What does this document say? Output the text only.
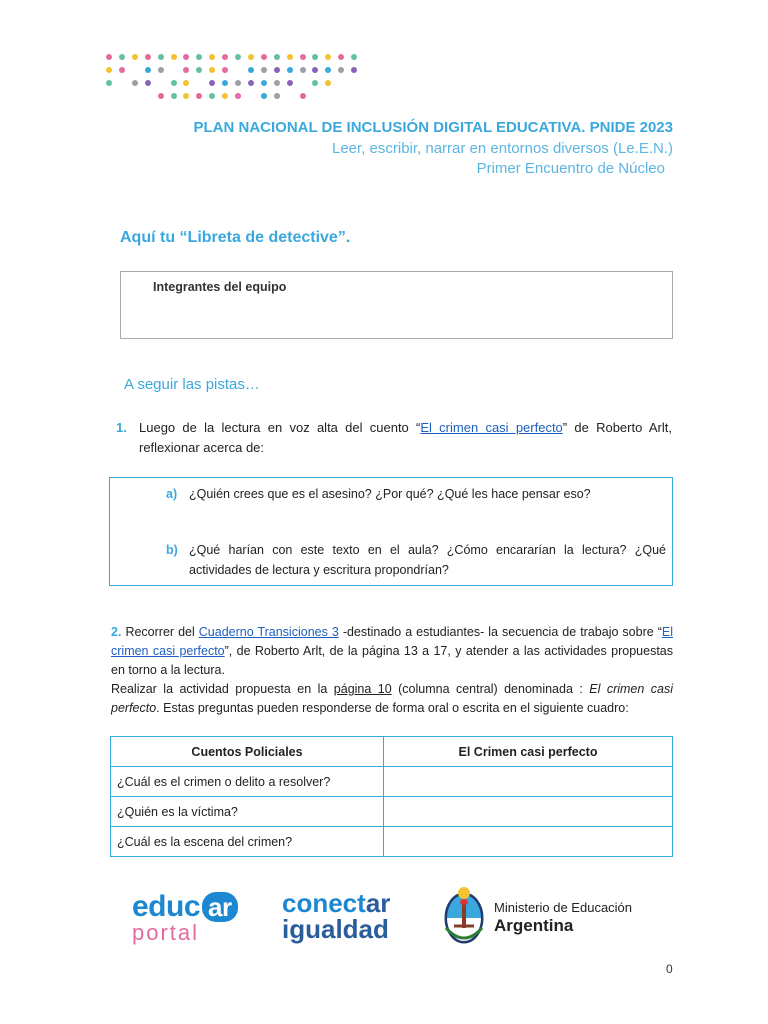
PLAN NACIONAL DE INCLUSIÓN DIGITAL EDUCATIVA. PNIDE 2023
Leer, escribir, narrar en entornos diversos (Le.E.N.)
Primer Encuentro de Núcleo
Aquí tu “Libreta de detective”.
Integrantes del equipo
A seguir las pistas…
1. Luego de la lectura en voz alta del cuento “El crimen casi perfecto” de Roberto Arlt, reflexionar acerca de:
a) ¿Quién crees que es el asesino? ¿Por qué? ¿Qué les hace pensar eso?
b) ¿Qué harían con este texto en el aula? ¿Cómo encararían la lectura? ¿Qué actividades de lectura y escritura propondrían?
2. Recorrer del Cuaderno Transiciones 3 -destinado a estudiantes- la secuencia de trabajo sobre “El crimen casi perfecto”, de Roberto Arlt, de la página 13 a 17, y atender a las actividades propuestas en torno a la lectura.
Realizar la actividad propuesta en la página 10 (columna central) denominada : El crimen casi perfecto. Estas preguntas pueden responderse de forma oral o escrita en el siguiente cuadro:
Cuentos Policiales	El Crimen casi perfecto
¿Cuál es el crimen o delito a resolver?	
¿Quién es la víctima?	
¿Cuál es la escena del crimen?	
educ ar
portal
conectar
igualdad
Ministerio de Educación
Argentina
0
